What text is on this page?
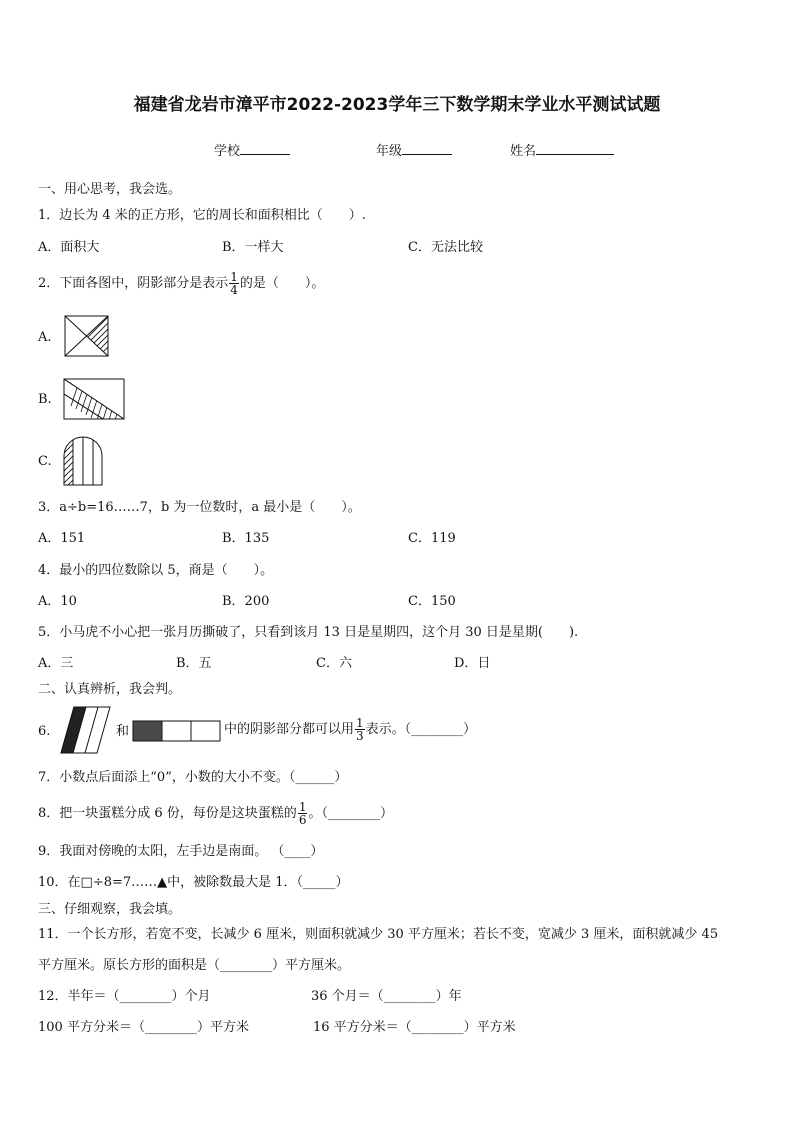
福建省龙岩市漳平市2022-2023学年三下数学期末学业水平测试试题
学校	年级	姓名
一、用心思考，我会选。
1．边长为 4 米的正方形，它的周长和面积相比（　　）.
A．面积大	B．一样大	C．无法比较
2．下面各图中，阴影部分是表示 $\frac{1}{4}$ 的是（　　）。
A.
B.
C.
3．a÷b=16……7，b 为一位数时，a 最小是（　　）。
A．151	B．135	C．119
4．最小的四位数除以 5，商是（　　）。
A．10	B．200	C．150
5．小马虎不小心把一张月历撕破了，只看到该月 13 日是星期四，这个月 30 日是星期(　　).
A．三	B．五	C．六	D．日
二、认真辨析，我会判。
6.	和	中的阴影部分都可以用 $\frac{1}{3}$ 表示。（________）
7．小数点后面添上“0”，小数的大小不变。（______）
8．把一块蛋糕分成 6 份，每份是这块蛋糕的 $\frac{1}{6}$ 。（________）
9．我面对傍晚的太阳，左手边是南面。 （____）
10．在□÷8=7……▲中，被除数最大是 1．（_____）
三、仔细观察，我会填。
11．一个长方形，若宽不变，长减少 6 厘米，则面积就减少 30 平方厘米；若长不变，宽减少 3 厘米，面积就减少 45
平方厘米。原长方形的面积是（________）平方厘米。
12．半年＝（________）个月	36 个月＝（________）年
100 平方分米＝（________）平方米	16 平方分米＝（________）平方米
